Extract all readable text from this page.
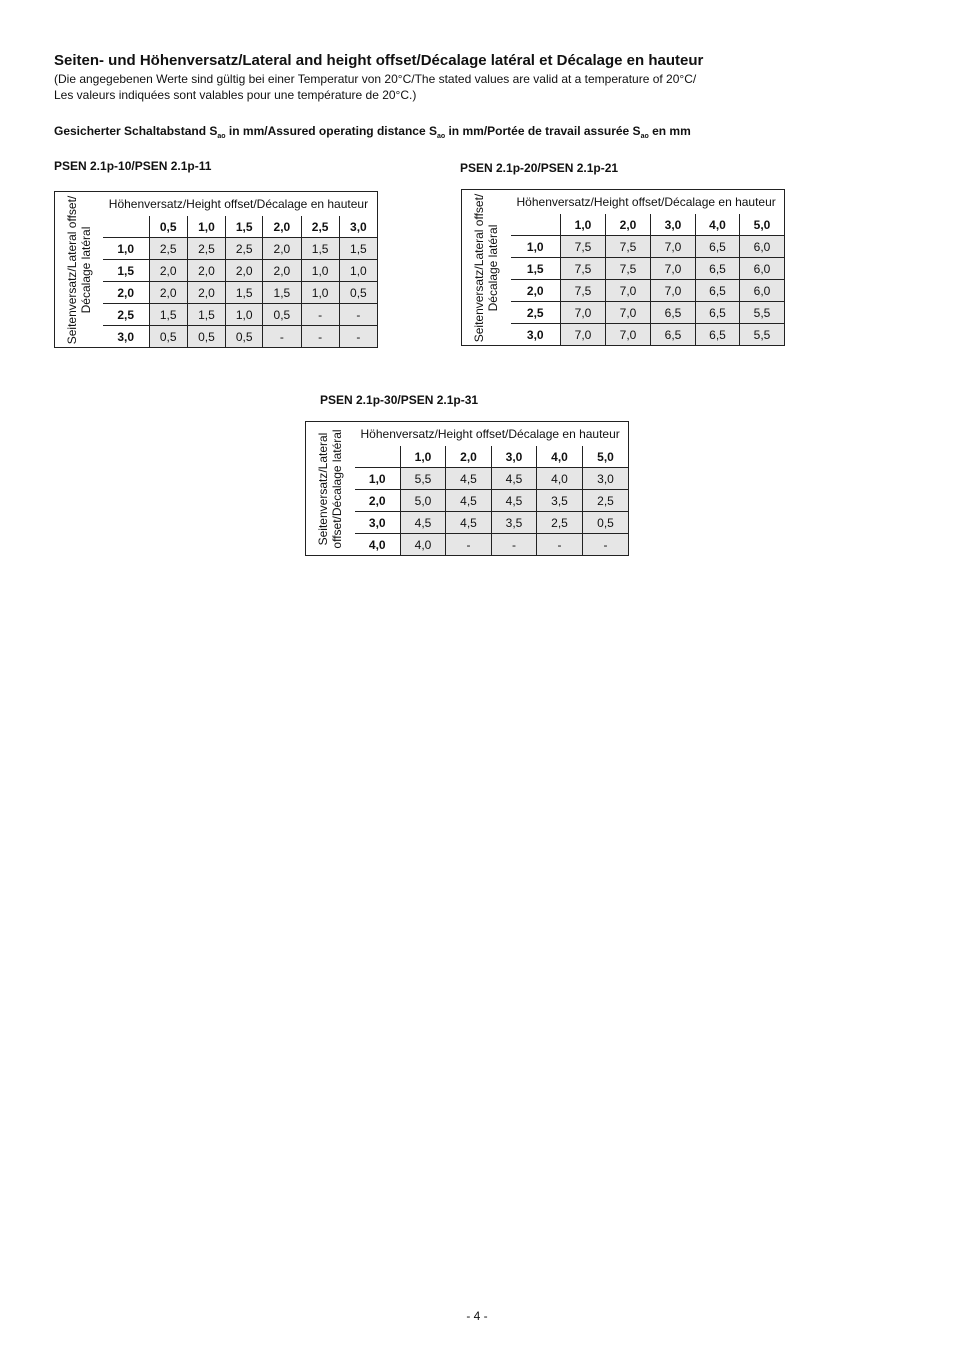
Seiten- und Höhenversatz/Lateral and height offset/Décalage latéral et Décalage en hauteur
(Die angegebenen Werte sind gültig bei einer Temperatur von 20°C/The stated values are valid at a temperature of 20°C/
Les valeurs indiquées sont valables pour une température de 20°C.)
Gesicherter Schaltabstand $S_{ao}$ in mm/Assured operating distance $S_{ao}$ in mm/Portée de travail assurée $S_{ao}$ en mm
PSEN 2.1p-10/PSEN 2.1p-11
Seitenversatz/Lateral offset/ Décalage latéral	Höhenversatz/Height offset/Décalage en hauteur						
		0,5	1,0	1,5	2,0	2,5	3,0
	1,0	2,5	2,5	2,5	2,0	1,5	1,5
	1,5	2,0	2,0	2,0	2,0	1,0	1,0
	2,0	2,0	2,0	1,5	1,5	1,0	0,5
	2,5	1,5	1,5	1,0	0,5	-	-
	3,0	0,5	0,5	0,5	-	-	-
PSEN 2.1p-20/PSEN 2.1p-21
Seitenversatz/Lateral offset/ Décalage latéral	Höhenversatz/Height offset/Décalage en hauteur					
		1,0	2,0	3,0	4,0	5,0
	1,0	7,5	7,5	7,0	6,5	6,0
	1,5	7,5	7,5	7,0	6,5	6,0
	2,0	7,5	7,0	7,0	6,5	6,0
	2,5	7,0	7,0	6,5	6,5	5,5
	3,0	7,0	7,0	6,5	6,5	5,5
PSEN 2.1p-30/PSEN 2.1p-31
Seitenversatz/Lateral offset/Décalage latéral	Höhenversatz/Height offset/Décalage en hauteur					
		1,0	2,0	3,0	4,0	5,0
	1,0	5,5	4,5	4,5	4,0	3,0
	2,0	5,0	4,5	4,5	3,5	2,5
	3,0	4,5	4,5	3,5	2,5	0,5
	4,0	4,0	-	-	-	-
- 4 -
